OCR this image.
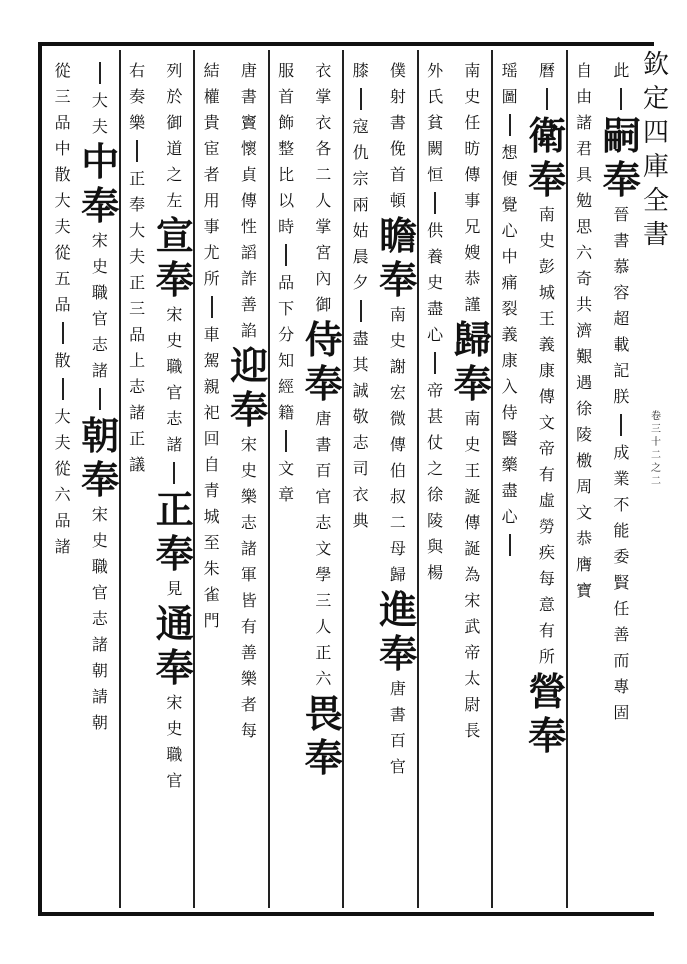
欽
定
四
庫
全
書
卷
三
十
二
之
二
此
嗣
奉
晉
書
慕
容
超
載
記
朕
成
業
不
能
委
賢
任
善
而
專
固
自
由
諸
君
具
勉
思
六
奇
共
濟
艱
遇
徐
陵
檄
周
文
恭
膺
寶
曆
衛
奉
南
史
彭
城
王
義
康
傳
文
帝
有
虛
勞
疾
每
意
有
所
營
奉
瑶
圖
想
便
覺
心
中
痛
裂
義
康
入
侍
醫
藥
盡
心
南
史
任
昉
傳
事
兄
嫂
恭
謹
歸
奉
南
史
王
誕
傳
誕
為
宋
武
帝
太
尉
長
外
氏
貧
闕
恒
供
養
史
盡
心
帝
甚
仗
之
徐
陵
與
楊
僕
射
書
俛
首
頓
瞻
奉
南
史
謝
宏
微
傳
伯
叔
二
母
歸
進
奉
唐
書
百
官
膝
寇
仇
宗
兩
姑
晨
夕
盡
其
誠
敬
志
司
衣
典
衣
掌
衣
各
二
人
掌
宮
內
御
侍
奉
唐
書
百
官
志
文
學
三
人
正
六
畏
奉
服
首
飾
整
比
以
時
品
下
分
知
經
籍
文
章
唐
書
竇
懷
貞
傳
性
謟
詐
善
諂
迎
奉
宋
史
樂
志
諸
軍
皆
有
善
樂
者
每
結
權
貴
宦
者
用
事
尤
所
車
駕
親
祀
回
自
青
城
至
朱
雀
門
列
於
御
道
之
左
宣
奉
宋
史
職
官
志
諸
正
奉
見
通
奉
宋
史
職
官
右
奏
樂
正
奉
大
夫
正
三
品
上
志
諸
正
議
大
夫
中
奉
宋
史
職
官
志
諸
朝
奉
宋
史
職
官
志
諸
朝
請
朝
從
三
品
中
散
大
夫
從
五
品
散
大
夫
從
六
品
諸
